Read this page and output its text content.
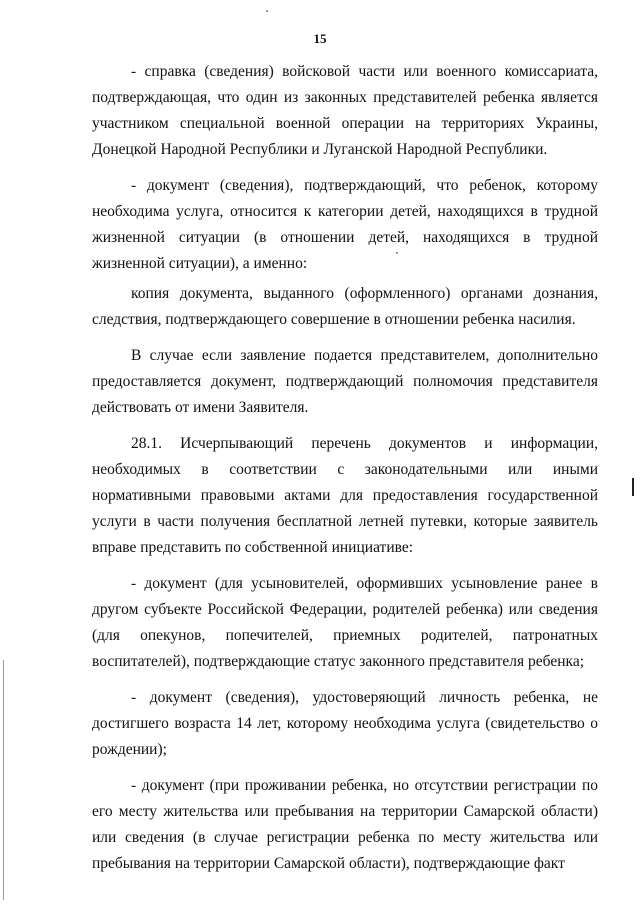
15

- справка (сведения) войсковой части или военного комиссариата, подтверждающая, что один из законных представителей ребенка является участником специальной военной операции на территориях Украины, Донецкой Народной Республики и Луганской Народной Республики.

- документ (сведения), подтверждающий, что ребенок, которому необходима услуга, относится к категории детей, находящихся в трудной жизненной ситуации (в отношении детей, находящихся в трудной жизненной ситуации), а именно:

копия документа, выданного (оформленного) органами дознания, следствия, подтверждающего совершение в отношении ребенка насилия.

В случае если заявление подается представителем, дополнительно предоставляется документ, подтверждающий полномочия представителя действовать от имени Заявителя.

28.1. Исчерпывающий перечень документов и информации, необходимых в соответствии с законодательными или иными нормативными правовыми актами для предоставления государственной услуги в части получения бесплатной летней путевки, которые заявитель вправе представить по собственной инициативе:

- документ (для усыновителей, оформивших усыновление ранее в другом субъекте Российской Федерации, родителей ребенка) или сведения (для опекунов, попечителей, приемных родителей, патронатных воспитателей), подтверждающие статус законного представителя ребенка;

- документ (сведения), удостоверяющий личность ребенка, не достигшего возраста 14 лет, которому необходима услуга (свидетельство о рождении);

- документ (при проживании ребенка, но отсутствии регистрации по его месту жительства или пребывания на территории Самарской области) или сведения (в случае регистрации ребенка по месту жительства или пребывания на территории Самарской области), подтверждающие факт
